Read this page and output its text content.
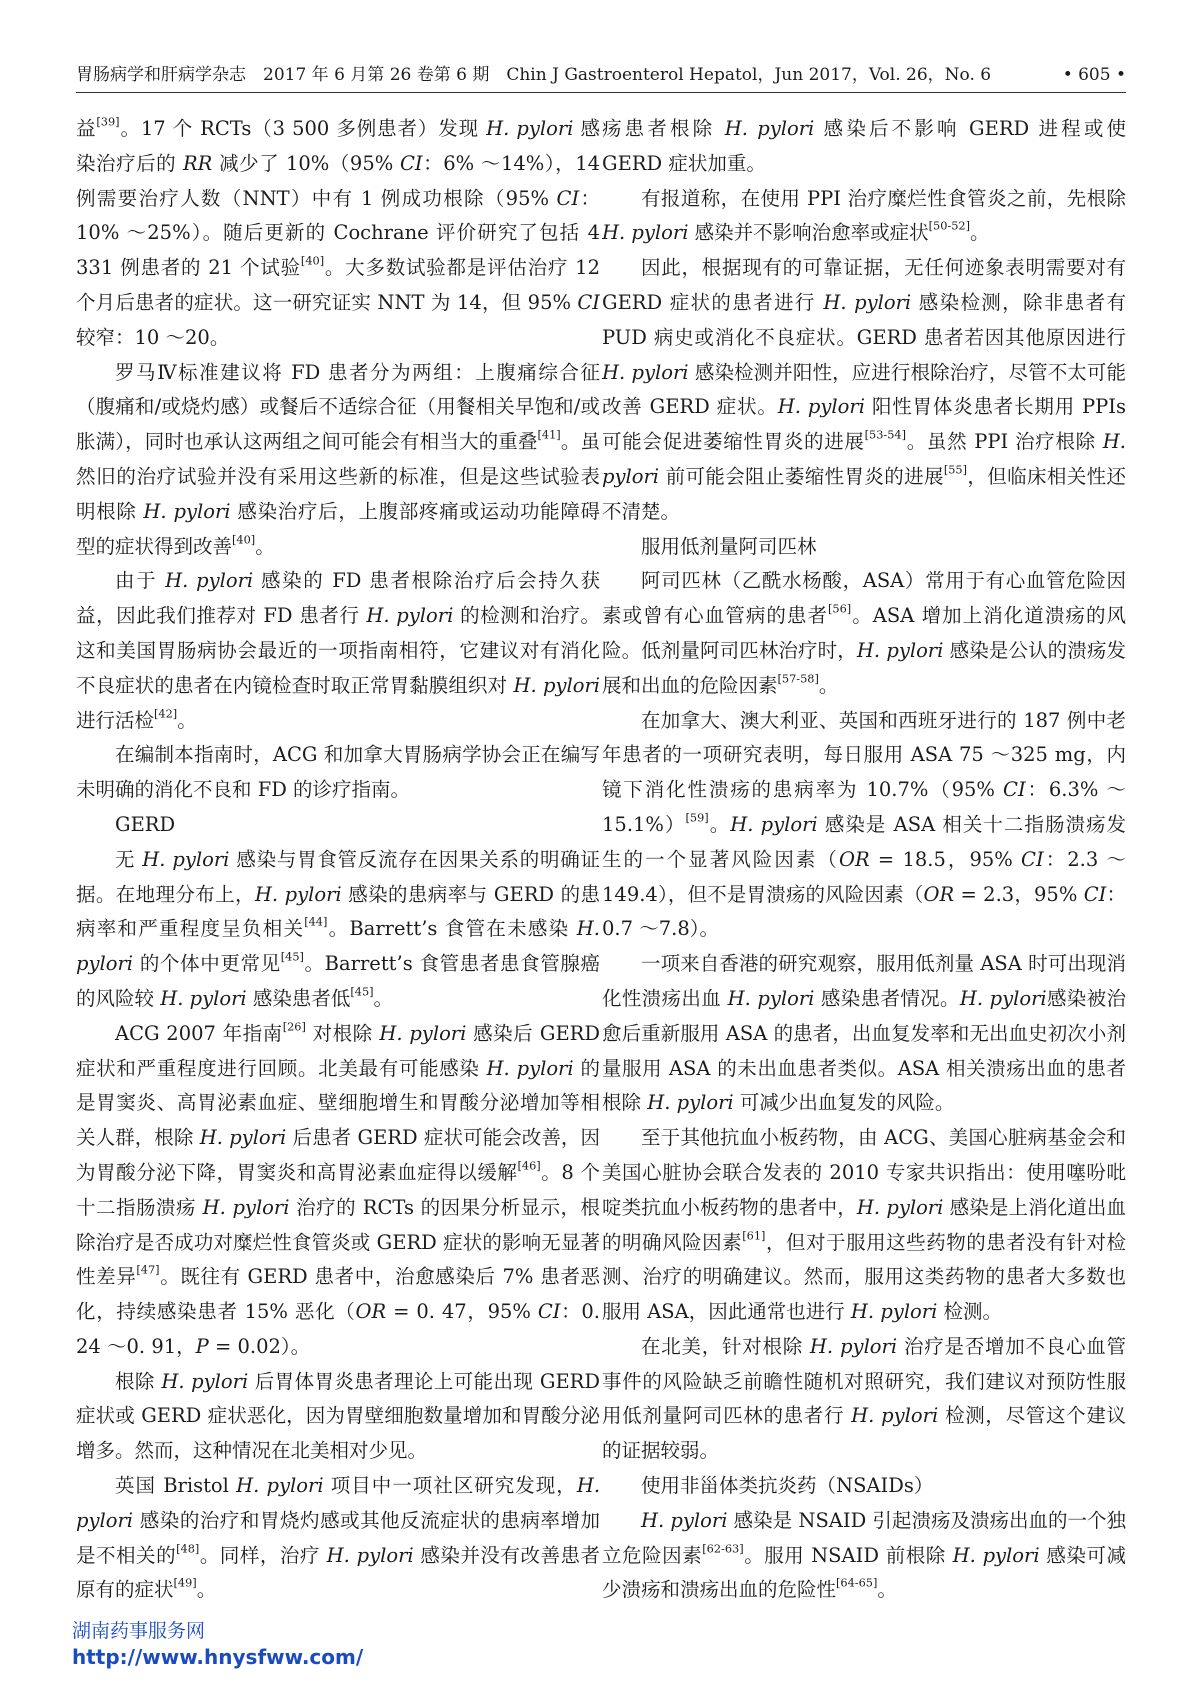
胃肠病学和肝病学杂志　2017 年 6 月第 26 卷第 6 期　Chin J Gastroenterol Hepatol，Jun 2017，Vol. 26，No. 6	• 605 •

益[39]。17 个 RCTs（3 500 多例患者）发现 H. pylori 感染治疗后的 RR 减少了 10%（95% CI：6% ～14%），14 例需要治疗人数（NNT）中有 1 例成功根除（95% CI：10% ～25%）。随后更新的 Cochrane 评价研究了包括 4 331 例患者的 21 个试验[40]。大多数试验都是评估治疗 12 个月后患者的症状。这一研究证实 NNT 为 14，但 95% CI 较窄：10 ～20。

罗马Ⅳ标准建议将 FD 患者分为两组：上腹痛综合征（腹痛和/或烧灼感）或餐后不适综合征（用餐相关早饱和/或胀满），同时也承认这两组之间可能会有相当大的重叠[41]。虽然旧的治疗试验并没有采用这些新的标准，但是这些试验表明根除 H. pylori 感染治疗后，上腹部疼痛或运动功能障碍型的症状得到改善[40]。

由于 H. pylori 感染的 FD 患者根除治疗后会持久获益，因此我们推荐对 FD 患者行 H. pylori 的检测和治疗。这和美国胃肠病协会最近的一项指南相符，它建议对有消化不良症状的患者在内镜检查时取正常胃黏膜组织对 H. pylori 进行活检[42]。

在编制本指南时，ACG 和加拿大胃肠病学协会正在编写未明确的消化不良和 FD 的诊疗指南。

GERD

无 H. pylori 感染与胃食管反流存在因果关系的明确证据。在地理分布上，H. pylori 感染的患病率与 GERD 的患病率和严重程度呈负相关[44]。Barrett’s 食管在未感染 H. pylori 的个体中更常见[45]。Barrett’s 食管患者患食管腺癌的风险较 H. pylori 感染患者低[45]。

ACG 2007 年指南[26] 对根除 H. pylori 感染后 GERD 症状和严重程度进行回顾。北美最有可能感染 H. pylori 的是胃窦炎、高胃泌素血症、壁细胞增生和胃酸分泌增加等相关人群，根除 H. pylori 后患者 GERD 症状可能会改善，因为胃酸分泌下降，胃窦炎和高胃泌素血症得以缓解[46]。8 个十二指肠溃疡 H. pylori 治疗的 RCTs 的因果分析显示，根除治疗是否成功对糜烂性食管炎或 GERD 症状的影响无显著性差异[47]。既往有 GERD 患者中，治愈感染后 7% 患者恶化，持续感染患者 15% 恶化（OR = 0. 47，95% CI：0. 24 ～0. 91，P = 0.02）。

根除 H. pylori 后胃体胃炎患者理论上可能出现 GERD 症状或 GERD 症状恶化，因为胃壁细胞数量增加和胃酸分泌增多。然而，这种情况在北美相对少见。

英国 Bristol H. pylori 项目中一项社区研究发现，H. pylori 感染的治疗和胃烧灼感或其他反流症状的患病率增加是不相关的[48]。同样，治疗 H. pylori 感染并没有改善患者原有的症状[49]。

疡患者根除 H. pylori 感染后不影响 GERD 进程或使 GERD 症状加重。

有报道称，在使用 PPI 治疗糜烂性食管炎之前，先根除 H. pylori 感染并不影响治愈率或症状[50-52]。

因此，根据现有的可靠证据，无任何迹象表明需要对有 GERD 症状的患者进行 H. pylori 感染检测，除非患者有 PUD 病史或消化不良症状。GERD 患者若因其他原因进行 H. pylori 感染检测并阳性，应进行根除治疗，尽管不太可能改善 GERD 症状。H. pylori 阳性胃体炎患者长期用 PPIs 可能会促进萎缩性胃炎的进展[53-54]。虽然 PPI 治疗根除 H. pylori 前可能会阻止萎缩性胃炎的进展[55]，但临床相关性还不清楚。

服用低剂量阿司匹林

阿司匹林（乙酰水杨酸，ASA）常用于有心血管危险因素或曾有心血管病的患者[56]。ASA 增加上消化道溃疡的风险。低剂量阿司匹林治疗时，H. pylori 感染是公认的溃疡发展和出血的危险因素[57-58]。

在加拿大、澳大利亚、英国和西班牙进行的 187 例中老年患者的一项研究表明，每日服用 ASA 75 ～325 mg，内镜下消化性溃疡的患病率为 10.7%（95% CI：6.3% ～ 15.1%）[59]。H. pylori 感染是 ASA 相关十二指肠溃疡发生的一个显著风险因素（OR = 18.5，95% CI：2.3 ～ 149.4），但不是胃溃疡的风险因素（OR = 2.3，95% CI：0.7 ～7.8）。

一项来自香港的研究观察，服用低剂量 ASA 时可出现消化性溃疡出血 H. pylori 感染患者情况。H. pylori感染被治愈后重新服用 ASA 的患者，出血复发率和无出血史初次小剂量服用 ASA 的未出血患者类似。ASA 相关溃疡出血的患者根除 H. pylori 可减少出血复发的风险。

至于其他抗血小板药物，由 ACG、美国心脏病基金会和美国心脏协会联合发表的 2010 专家共识指出：使用噻吩吡啶类抗血小板药物的患者中，H. pylori 感染是上消化道出血的明确风险因素[61]，但对于服用这些药物的患者没有针对检测、治疗的明确建议。然而，服用这类药物的患者大多数也服用 ASA，因此通常也进行 H. pylori 检测。

在北美，针对根除 H. pylori 治疗是否增加不良心血管事件的风险缺乏前瞻性随机对照研究，我们建议对预防性服用低剂量阿司匹林的患者行 H. pylori 检测，尽管这个建议的证据较弱。

使用非甾体类抗炎药（NSAIDs）

H. pylori 感染是 NSAID 引起溃疡及溃疡出血的一个独立危险因素[62-63]。服用 NSAID 前根除 H. pylori 感染可减少溃疡和溃疡出血的危险性[64-65]。

湖南药事服务网
http://www.hnysfww.com/
